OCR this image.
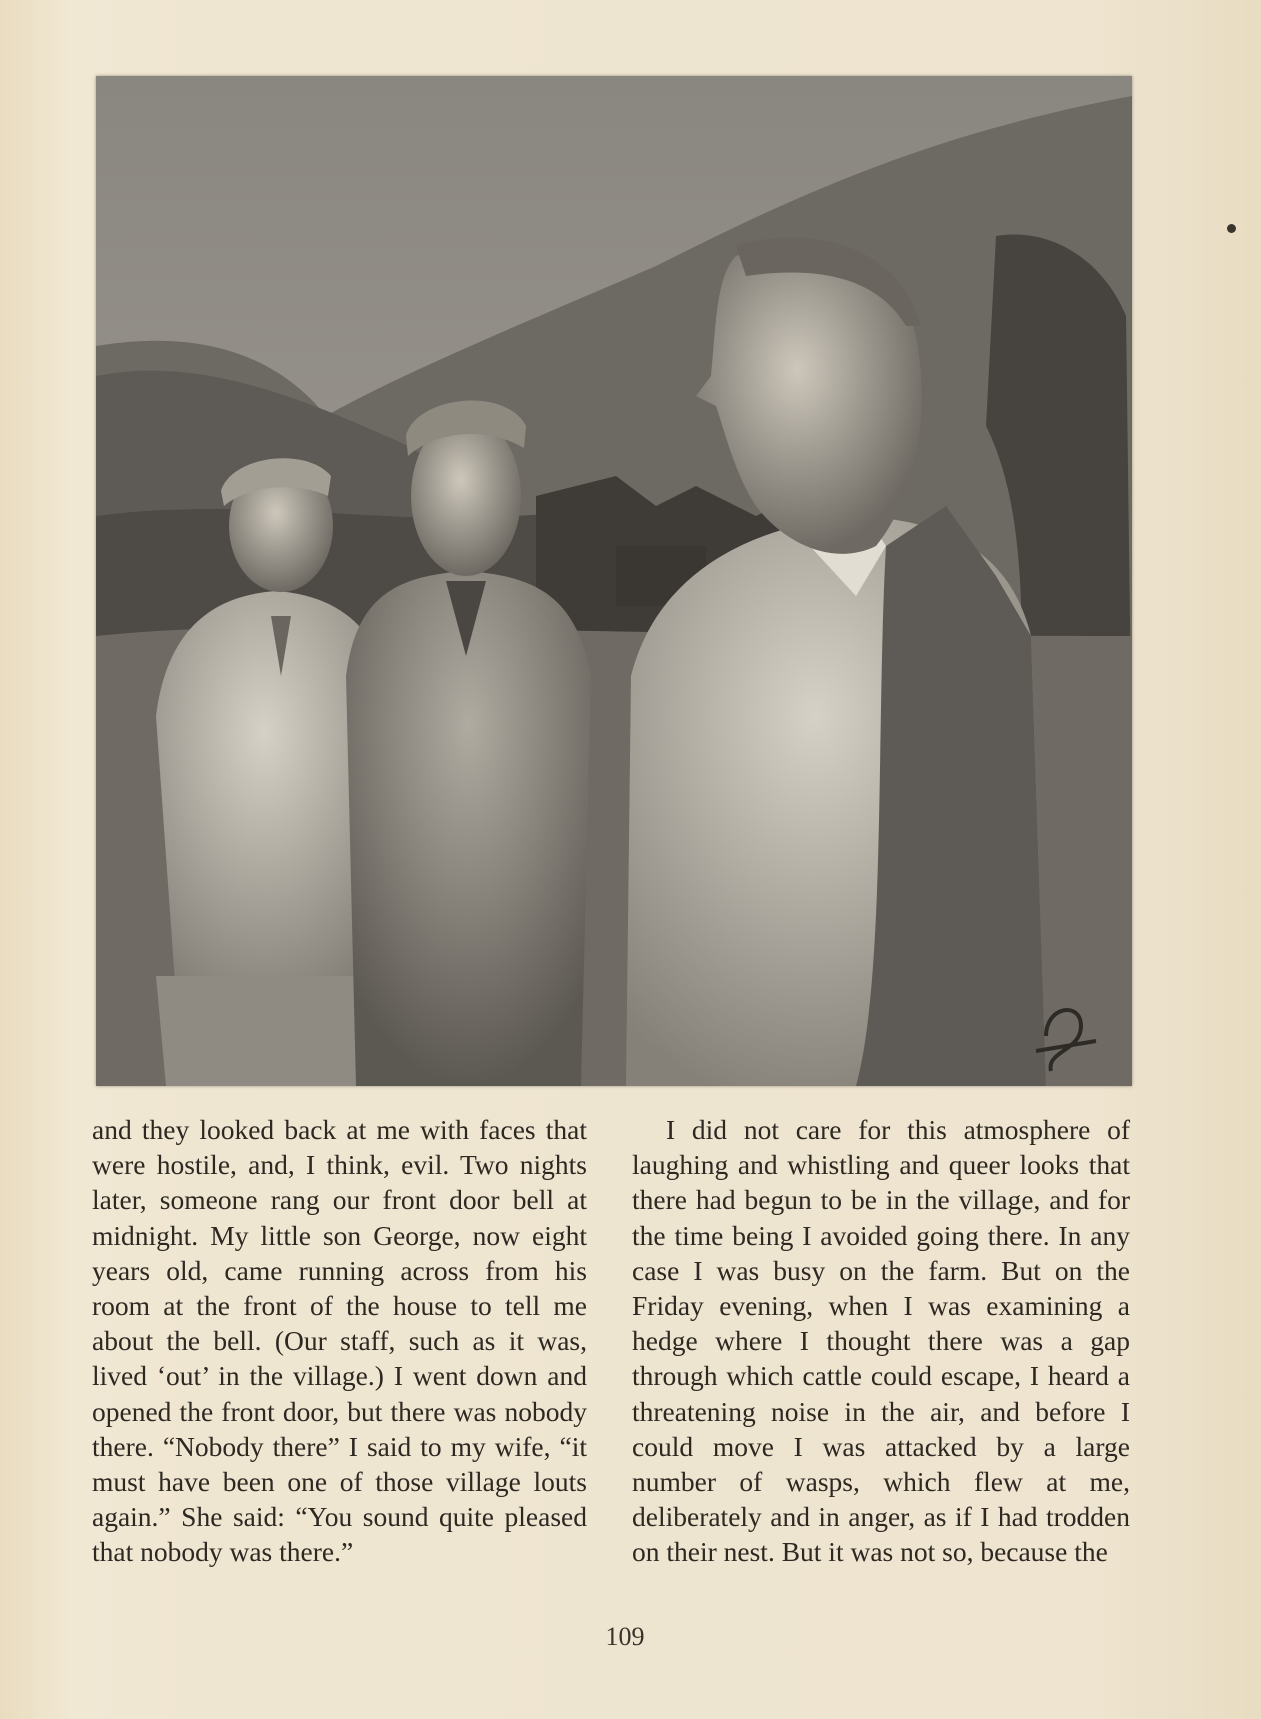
and they looked back at me with faces that were hostile, and, I think, evil. Two nights later, someone rang our front door bell at midnight. My little son George, now eight years old, came running across from his room at the front of the house to tell me about the bell. (Our staff, such as it was, lived ‘out’ in the village.) I went down and opened the front door, but there was nobody there. “Nobody there” I said to my wife, “it must have been one of those village louts again.” She said: “You sound quite pleased that nobody was there.”

I did not care for this atmosphere of laughing and whistling and queer looks that there had begun to be in the village, and for the time being I avoided going there. In any case I was busy on the farm. But on the Friday evening, when I was examining a hedge where I thought there was a gap through which cattle could escape, I heard a threatening noise in the air, and before I could move I was attacked by a large number of wasps, which flew at me, deliberately and in anger, as if I had trodden on their nest. But it was not so, because the

109
